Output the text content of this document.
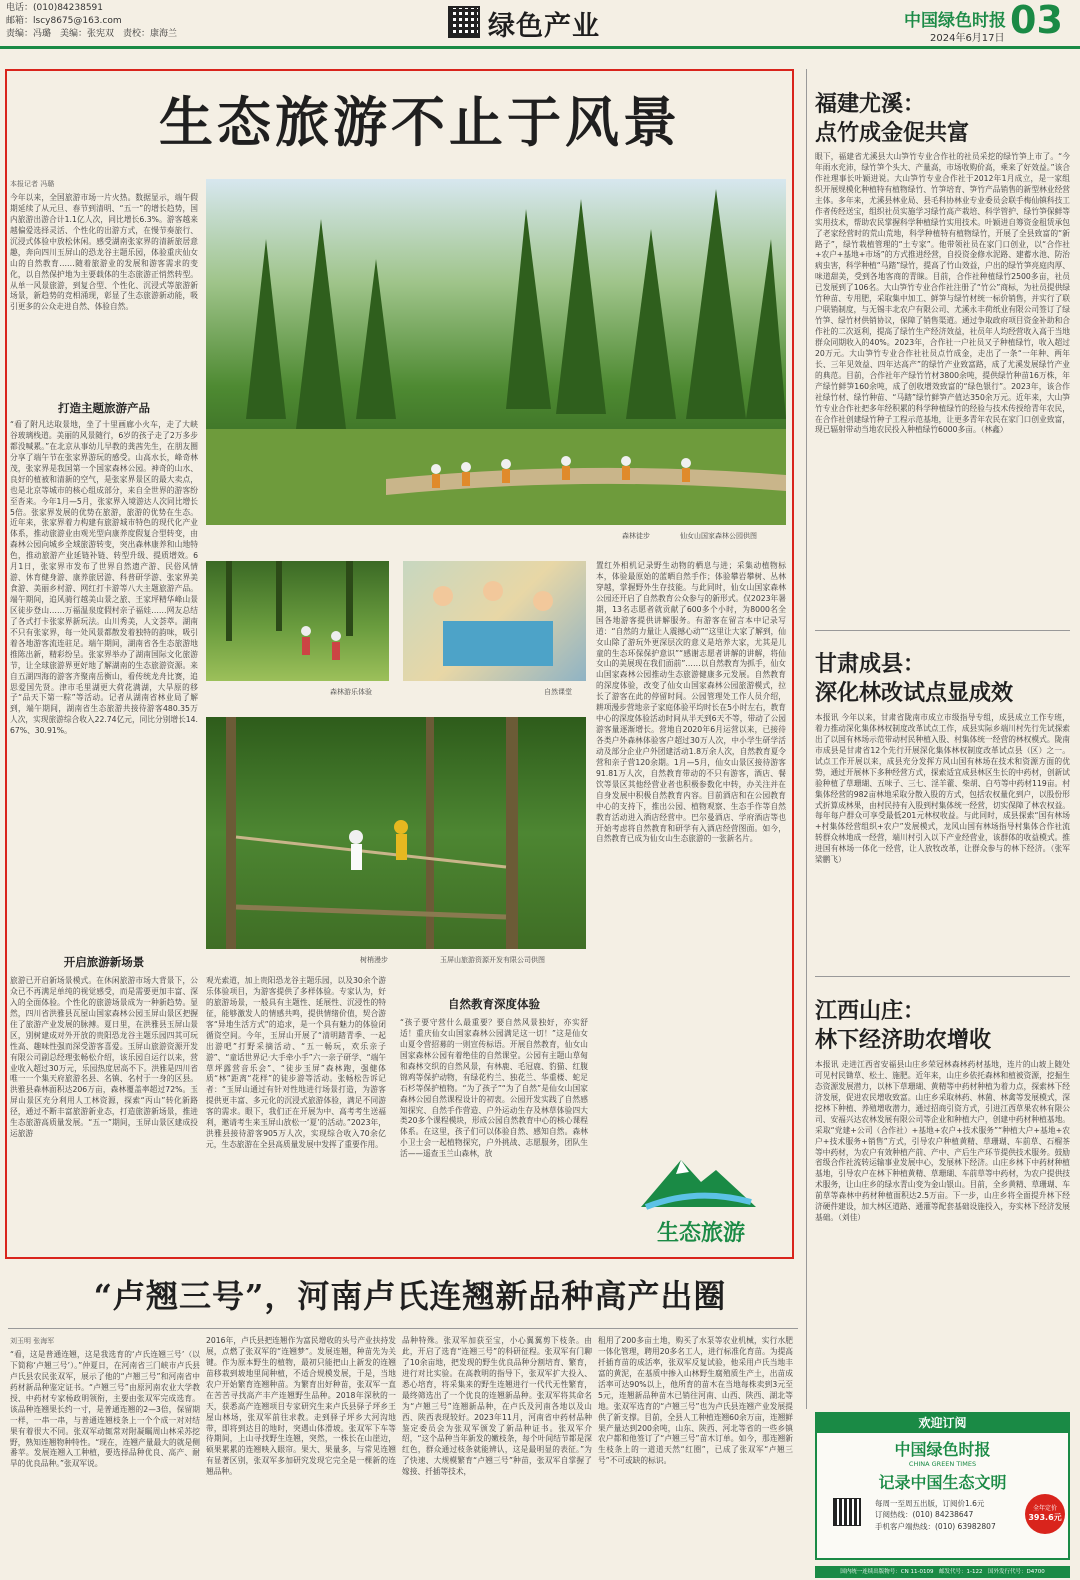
电话：(010)84238591
邮箱：lscy8675@163.com
责编：冯璐　美编：张宪双　责校：康海兰	绿色产业	中国绿色时报
2024年6月17日 03
生态旅游不止于风景
本报记者 冯璐
今年以来，全国旅游市场一片火热。数据显示，端午假期延续了从元旦、春节到清明、“五一”的增长趋势，国内旅游出游合计1.1亿人次，同比增长6.3%。游客越来越偏爱选择灵活、个性化的出游方式，在慢节奏旅行、沉浸式体验中放松休闲。感受湖南张家界的清新旅居意趣，奔向四川玉屏山的恐龙谷主题乐园，体验重庆仙女山的自然教育……随着旅游业的发展和游客需求的变化，以自然保护地为主要载体的生态旅游正悄然转型。从单一风景旅游，到复合型、个性化、沉浸式等旅游新场景，新趋势的竞相涌现，彰显了生态旅游新动能，吸引更多的公众走进自然、体验自然。
打造主题旅游产品
“看了附凡达取景地，坐了十里画廊小火车，走了大峡谷玻璃栈道。美丽的风景随行，6岁的孩子走了2万多步都没喊累。”在北京从事幼儿早教的龚茜先生，在朋友圈分享了端午节在张家界游玩的感受。山高水长，峰奇林茂，张家界是我国第一个国家森林公园。神奇的山水、良好的植被和清新的空气，是张家界景区的最大卖点，也是北京等城市的核心组成部分，来自全世界的游客纷至沓来。今年1月—5月，张家界入境游达人次同比增长5倍。张家界发展的优势在旅游，旅游的优势在生态。近年来，张家界着力构建有旅游城市特色的现代化产业体系，推动旅游业由观光型向康养度假复合型转变，由森林公园向城乡全域旅游转变，突出森林康养和山地特色，推动旅游产业延链补链、转型升级、提质增效。6月1日，张家界市发布了世界自然遗产游、民俗风情游、休育健身游、康养旅居游、科普研学游、张家界美食游、美丽乡村游、网红打卡游等八大主题旅游产品。端午期间，追风骑行越美山景之旅、王家坪精华峰山景区徒步登山……万福温泉度假村亲子福娃……网友总结了各式打卡张家界新玩法。山川秀美，人文荟萃。湖南不只有张家界，每一处风景都散发着独特的韵味，吸引着各地游客流连驻足。端午期间，湖南省各生态旅游地推陈出新，精彩纷呈。张家界举办了湖南国际文化旅游节，让全球旅游界更好地了解湖南的生态旅游资源。来自五湖四海的游客齐聚南岳衡山，看传统龙舟比赛，追思爱国先贤。津市毛里湖更大荷花满湖，大旱原的移子“品天下第一粽”等活动。记者从湖南省林业局了解到，端午期间，湖南省生态旅游共接待游客480.35万人次，实现旅游综合收入22.74亿元，同比分别增长14.67%、30.91%。
开启旅游新场景
旅游已开启新场景模式。在休闲旅游市场大背景下，公众已不再满足单纯的视觉感受，而是需要更加丰富、深入的全面体验。个性化的旅游场景成为一种新趋势。显然，四川省洪雅县瓦屋山国家森林公园玉屏山景区把握住了旅游产业发展的脉搏。夏日里，在洪雅县玉屏山景区，別树建成对外开放的贵阳恐龙谷主题乐园四其可玩性高、趣味性强而深受游客喜爱。玉屏山旅游资源开发有限公司副总经理张畅松介绍，该乐园自运行以来，营业收入超过30万元，乐园热度居高不下。洪雅是四川省唯一一个集天府旅游名县、名镇、名村于一身的区县。洪雅县森林面积达206万亩，森林覆盖率超过72%。玉屏山景区充分利用人工林资源，探索“丙山”转化新路径，通过不断丰富旅游新业态，打造旅游新场景，推进生态旅游高质量发展。“五一”期间，玉屏山景区建成投运旅游
森林徒步	仙女山国家森林公园供图
森林游乐体验	自然课堂
树梢漫步	玉屏山旅游资源开发有限公司供图
观光索道，加上贵阳恐龙谷主题乐园，以及30余个游乐体验项目，为游客提供了多样体验。专家认为，好的旅游场景，一般具有主题性、延展性、沉浸性的特征，能够激发人的情感共鸣，提供情绪价值，契合游客“异地生活方式”的追求，是一个具有魅力的体验闭循资空间。今年，玉屏山开展了“清明踏青季、一起出游吧”打野采摘活动、“五一畅玩，欢乐亲子游”、“童话世界记·大手牵小手”六一亲子研学、“端午草坪露营音乐会”、“徒步玉屏”森林跑，强健体质“林”距离“花样”的徒步游等活动。张畅松告诉记者：“玉屏山通过有针对性地进行场景打造，为游客提供更丰富、多元化的沉浸式旅游体验，满足不同游客的需求。眼下，我们正在开展为中、高考考生送福利，邀请考生来玉屏山放松一‘夏’的活动。”2023年，洪雅县接待游客905万人次，实现综合收入70余亿元，生态旅游在全县高质量发展中发挥了重要作用。
自然教育深度体验
“孩子要守营什么最重要？要自然风景独好，亦实舒适！重庆仙女山国家森林公园满足这一切！”这是仙女山夏令营招募的一则宣传标语。开展自然教育，仙女山国家森林公园有着绝佳的自然课堂。公园有主题山草甸和森林交织的自然风景，有林鹿、毛冠鹿、豹猫、红腹锦鸡等保护动物，有绿花杓兰、独花兰、华重楼、蛇足石杉等保护植物。“为了孩子”“为了自然”是仙女山国家森林公园自然课程设计的初衷。公园开发实践了自然感知探究、自然手作营造、户外运动生存及林草体验四大类20多个课程模块，形成公园自然教育中心的核心课程体系。在这里，孩子们可以体验自然、感知自然。森林小卫士会一起植物探究，户外挑战、志愿服务，团队生活——遥查玉兰山森林，放
置红外相机记录野生动物的栖息与进；采集动植物标本，体验最原始的蓝晒自然手作；体验攀岩攀树、丛林穿越，掌握野外生存技能。与此同时，仙女山国家森林公园还开启了自然教育公众参与的新形式。仅2023年暑期，13名志愿者就贡献了600多个小时，为8000名全国各地游客提供讲解服务。有游客在留言本中记录写道：“自然的力量让人震撼心动”“这里让大家了解到，仙女山除了游玩外更深层次的意义是培养大家，尤其是儿童的生态环保保护意识”“感谢志愿者讲解的讲解，将仙女山的美展现在我们面前”……以自然教育为抓手，仙女山国家森林公园推动生态旅游健康多元发展。自然教育的深度体验，改变了仙女山国家森林公园旅游模式，拉长了游客在此的停留时间。公园管理处工作人员介绍，耕项漫步营地亲子家庭体验平均时长在5小时左右，教育中心的深度体验活动时间从半天到6天不等，带动了公园游客量逐渐增长。营地自2020年6月运营以来，已接待各类户外森林体验客户超过30万人次，中小学生研学活动及部分企业户外团建活动1.8万余人次，自然教育夏令营和亲子营120余期。1月—5月，仙女山景区接待游客91.81万人次，自然教育带动的不只有游客，酒店、餐饮等景区其他经营业者也积极参数化中转，办关注并在自身发展中积极自然教育内容。目前酒店和在公园教育中心的支持下，推出公园、植物观察、生态手作等自然教育活动进入酒店经营中。巴尔曼酒店、学府酒店等也开始考虑将自然教育和研学有入酒店经营图面。如今，自然教育已成为仙女山生态旅游的一张新名片。
生态旅游
福建尤溪：
点竹成金促共富
眼下，福建省尤溪县大山笋竹专业合作社的社员采挖的绿竹笋上市了。“今年雨水充沛，绿竹笋个头大、产量高，市场收购价高，乘来了好效益。”该合作社理事长叶颖进说。大山笋竹专业合作社于2012年1月成立，是一家组织开展规模化种植特有植物绿竹、竹笋培育、笋竹产品销售的新型林业经营主体。多年来，尤溪县林业局、县毛科协林业专业委员会联手梅仙镇科技工作者传经送宝，组织社员实施学习绿竹高产栽培、科学管护、绿竹笋保鲜等实用技术，帮助农民掌握科学种植绿竹实用技术。叶颖进自筹资金租赁承包了老家经营时的荒山荒地，科学种植特有植物绿竹，开展了全县致富的“新路子”，绿竹栽植管理的“土专家”。他带领社员在家门口创业，以“合作社+农户+基地+市场”的方式推进经营，自投资金修水泥路、建蓄水池、防治病虫害，科学种植“马踏”绿竹，提高了竹山效益，户出的绿竹笋亮庭肉厚、味道甜美，受到各地客商的青睐。目前，合作社种植绿竹2500多亩，社员已发展到了106名。大山笋竹专业合作社注册了“竹公”商标，为社员提供绿竹种苗、专用肥，采取集中加工、鲜笋与绿竹材统一标价销售，并实行了联户联销制度，与无锡丰北农户有限公司、尤溪永丰荷纸业有限公司签订了绿竹笋、绿竹材供销协议，保障了销售渠道。通过争取政府项目资金补助和合作社的二次返利，提高了绿竹生产经济效益，社员年人均经营收入高于当地群众同期收入的40%。2023年，合作社一户社员又子种植绿竹，收入超过20万元。大山笋竹专业合作社社员点竹成金，走出了一条“一年种、两年长、三年见效益、四年达高产”的绿竹产业致富路，成了尤溪发展绿竹产业的典范。目前，合作社年产绿竹竹材3800余吨，提供绿竹种苗16万株，年产绿竹鲜笋160余吨，成了创收增效致富的“绿色银行”。2023年，该合作社绿竹材、绿竹种苗、“马踏”绿竹鲜笋产值达350余万元。近年来，大山笋竹专业合作社把多年经积累的科学种植绿竹的经验与技术传授给青年农民，在合作社创建绿竹种子工程示范基地，让更多青年农民在家门口创业致富，现已辐射带动当地农民投入种植绿竹6000多亩。（林鑫）
甘肃成县：
深化林改试点显成效
本报讯 今年以来，甘肃省陇南市成立市级指导专组，成县成立工作专班，着力推动深化集体林权制度改革试点工作，成县实际乡端川村先行先试探索出了以国有林场示范带动村民种植入股、村集体统一经营的林权模式。陇南市成县是甘肃省12个先行开展深化集体林权制度改革试点县（区）之一。试点工作开展以来，成县充分发挥方风山国有林场在技术和资源方面的优势，通过开展林下多种经营方式，探索适宜成县林区生长的中药材，创新试验种植了草珊瑚、五味子、三七、淫羊藿、柴胡、白芍等中药材119亩。村集体经营的982亩林地采取分散入股的方式，包括农权量化到户，以股份形式折算成林果，由村民持有入股到村集体统一经营，切实保障了林农权益。每年每户群众可享受最低201元林权收益。与此同时，成县探索“国有林场+村集体经营组织+农户”发展模式，龙风山国有林场指导村集体合作社流转群众林地成一经营，端川村引入以下产业经营业，该群体的收益模式。推进国有林场一体化一经营，让人放牧改革，让群众参与的林下经济。（张军 梁鹏飞）
江西山庄：
林下经济助农增收
本报讯 走进江西省安福县山庄乡荣冠林森林药材基地，连片的山坡上随处可见村民锄草、松土、施肥。近年来，山庄乡依托森林和植被资源，挖掘生态资源发展潜力，以林下草珊瑚、黄精等中药材种植为着力点，探索林下经济发展，促进农民增收致富。山庄乡采取林药、林菌、林禽等发展模式，深挖林下种植、养殖增收潜力，通过招商引资方式，引进江西草果农林有限公司、安福兴达农林发展有限公司等企业和种植大户，创建中药材种植基地。采取“党建+公司（合作社）+基地+农户+技术服务”“种植大户+基地+农户+技术服务+销售”方式，引导农户种植黄精、草珊瑚、车前草、石榴茶等中药材，为农户有效种植产前、产中、产后生产环节提供技术服务。鼓励省级合作社流转运输事业发展中心，发展林下经济。山庄乡林下中药材种植基地，引导农户在林下种植黄精、草珊瑚、车前草等中药材，为农户提供技术服务，让山庄乡的绿水青山变为金山银山。目前，全乡黄精、草珊瑚、车前草等森林中药材种植面积达2.5万亩。下一步，山庄乡将全面提升林下经济硬件建设，加大林区道路、通灌等配套基础设施投入，夯实林下经济发展基础。（刘佳）
欢迎订阅
中国绿色时报
CHINA GREEN TIMES
记录中国生态文明
每周一至周五出版，订阅价1.6元
订阅热线：(010) 84238647
手机客户端热线：(010) 63982807
全年定价
393.6元
“卢翘三号”，河南卢氏连翘新品种高产出圈
刘玉明 张海军
“看，这是普通连翘，这是我选育的‘卢氏连翘三号’（以下简称‘卢翘三号’）。”仲夏日，在河南省三门峡市卢氏县卢氏县农民张双军，展示了他的“卢翘三号”和河南省中药材新品种鉴定证书。“卢翘三号”由原河南农业大学教授、中药材专家杨政明领衔，主要由张双军完成选育。该品种连翘果长约一寸，是普通连翘的2—3倍，保留期一样，一串一串，与普通连翘枝条上一个个成一对对结果有着很大不同。张双军动辄常对附凝瞩周山林采苏挖野，熟知连翘物种特性。“现在，连翘产量最大的就是侧番苹。发展连翘入工种植，要选择品种优良、高产、耐旱的优良品种。”张双军说。
2016年，卢氏县把连翘作为富民增收的头号产业扶持发展，点燃了张双军的“连翘梦”。发展连翘，种苗先为关键。作为原本野生的植物，最初只能把山上新发的连翘苗移栽到坡地里间种植，不适合规模发展，于是，当地农户开始繁育连翘种苗。为繁育出好种苗，张双军一直在苦苦寻找高产丰产连翘野生品种。2018年深秋的一天，获悉高产连翘项目专家研究生来卢氏县驿子坪乡王屋山林场，张双军前往求教。走到驿子坪乡大河沟地带，即将到达目的地时，突遇山体滑坡。张双军下车等待期间，上山寻找野生连翘，突然，一株长在山崖边，硕果累累的连翘映入眼帘。果大、果量多，与常见连翘有显著区别，张双军多加研究发现它完全是一棵新的连翘品种。
品种特殊。张双军加获至宝，小心翼翼剪下枝条。由此，开启了选育“连翘三号”的科研征程。张双军有门聊了10余亩地，把发现的野生优良品种分割培育、繁育，进行对比实验。在高教明的指导下，张双军扩大投入、悉心培育，将采集来的野生连翘进行一代代无性繁育，最终筛选出了一个优良的连翘新品种。张双军将其命名为“卢翘三号”连翘新品种，在卢氏及河南各地以及山西、陕西表现较好。2023年11月，河南省中药材品种鉴定委员会为张双军颁发了新品种证书。张双军介绍，“这个品种当年新发的嫩枝条，每个叶间结节都是深红色，群众通过枝条就能辨认，这是最明显的表征。”为了快速、大规模繁育“卢翘三号”种苗，张双军自掌握了嫁接、扦插等技术，
租用了200多亩土地，购买了水泵等农业机械，实行水肥一体化管理，聘用20多名工人，进行标准化育苗。为提高扦插育苗的成活率，张双军反复试验，他采用卢氏当地丰富的黄泥，在基质中掺入山林野生腐殖质生产土，出苗成活率可达90%以上，他所育的苗木在当地每株卖到3元至5元，连翘新品种苗木已销往河南、山西、陕西、湖北等地。张双军选育的“卢翘三号”也为卢氏县连翘产业发展提供了新支撑。目前，全县人工种植连翘60余万亩，连翘鲜果产量达到200余吨，山东、陕西、河北等省的一些乡镇农户都和他签订了“卢翘三号”苗木订单。如今，那连翘新生枝条上的一道道天然“红圈”，已成了张双军“卢翘三号”不可或缺的标识。
国内统一连续出版物号：CN 11-0109　邮发代号：1-122　国外发行代号：D4700
